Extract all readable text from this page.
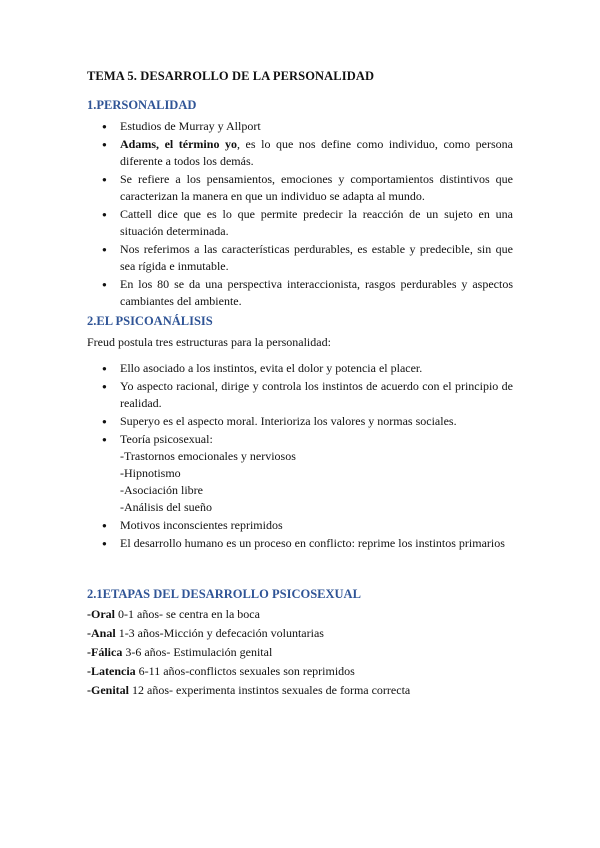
TEMA 5. DESARROLLO DE LA PERSONALIDAD
1.PERSONALIDAD
● Estudios de Murray y Allport
● Adams, el término yo, es lo que nos define como individuo, como persona diferente a todos los demás.
● Se refiere a los pensamientos, emociones y comportamientos distintivos que caracterizan la manera en que un individuo se adapta al mundo.
● Cattell dice que es lo que permite predecir la reacción de un sujeto en una situación determinada.
● Nos referimos a las características perdurables, es estable y predecible, sin que sea rígida e inmutable.
● En los 80 se da una perspectiva interaccionista, rasgos perdurables y aspectos cambiantes del ambiente.
2.EL PSICOANÁLISIS
Freud postula tres estructuras para la personalidad:
● Ello asociado a los instintos, evita el dolor y potencia el placer.
● Yo aspecto racional, dirige y controla los instintos de acuerdo con el principio de realidad.
● Superyo es el aspecto moral. Interioriza los valores y normas sociales.
● Teoría psicosexual:
-Trastornos emocionales y nerviosos
-Hipnotismo
-Asociación libre
-Análisis del sueño
● Motivos inconscientes reprimidos
● El desarrollo humano es un proceso en conflicto: reprime los instintos primarios
2.1ETAPAS DEL DESARROLLO PSICOSEXUAL
-Oral 0-1 años- se centra en la boca
-Anal 1-3 años-Micción y defecación voluntarias
-Fálica 3-6 años- Estimulación genital
-Latencia 6-11 años-conflictos sexuales son reprimidos
-Genital 12 años- experimenta instintos sexuales de forma correcta
